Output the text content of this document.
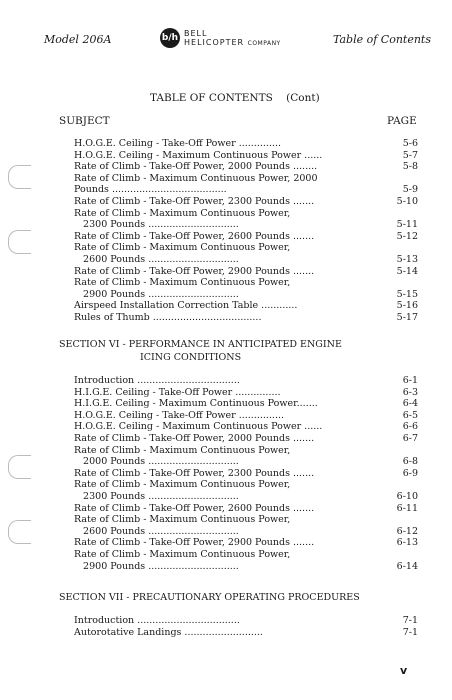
Model 206A	b/h BELL
HELICOPTER COMPANY	Table of Contents
TABLE OF CONTENTS    (Cont)
SUBJECT	PAGE
H.O.G.E. Ceiling - Take-Off Power ..............	5-6
H.O.G.E. Ceiling - Maximum Continuous Power ......	5-7
Rate of Climb - Take-Off Power, 2000 Pounds ........	5-8
Rate of Climb - Maximum Continuous Power, 2000
Pounds ......................................	5-9
Rate of Climb - Take-Off Power, 2300 Pounds .......	5-10
Rate of Climb - Maximum Continuous Power,
2300 Pounds ..............................	5-11
Rate of Climb - Take-Off Power, 2600 Pounds .......	5-12
Rate of Climb - Maximum Continuous Power,
2600 Pounds ..............................	5-13
Rate of Climb - Take-Off Power, 2900 Pounds .......	5-14
Rate of Climb - Maximum Continuous Power,
2900 Pounds ..............................	5-15
Airspeed Installation Correction Table ............	5-16
Rules of Thumb ....................................	5-17
SECTION VI - PERFORMANCE IN ANTICIPATED ENGINE
ICING CONDITIONS
Introduction ..................................	6-1
H.I.G.E. Ceiling - Take-Off Power ...............	6-3
H.I.G.E. Ceiling - Maximum Continuous Power.......	6-4
H.O.G.E. Ceiling - Take-Off Power ...............	6-5
H.O.G.E. Ceiling - Maximum Continuous Power ......	6-6
Rate of Climb - Take-Off Power, 2000 Pounds .......	6-7
Rate of Climb - Maximum Continuous Power,
2000 Pounds ..............................	6-8
Rate of Climb - Take-Off Power, 2300 Pounds .......	6-9
Rate of Climb - Maximum Continuous Power,
2300 Pounds ..............................	6-10
Rate of Climb - Take-Off Power, 2600 Pounds .......	6-11
Rate of Climb - Maximum Continuous Power,
2600 Pounds ..............................	6-12
Rate of Climb - Take-Off Power, 2900 Pounds .......	6-13
Rate of Climb - Maximum Continuous Power,
2900 Pounds ..............................	6-14
SECTION VII - PRECAUTIONARY OPERATING PROCEDURES
Introduction ..................................	7-1
Autorotative Landings ..........................	7-1
v
